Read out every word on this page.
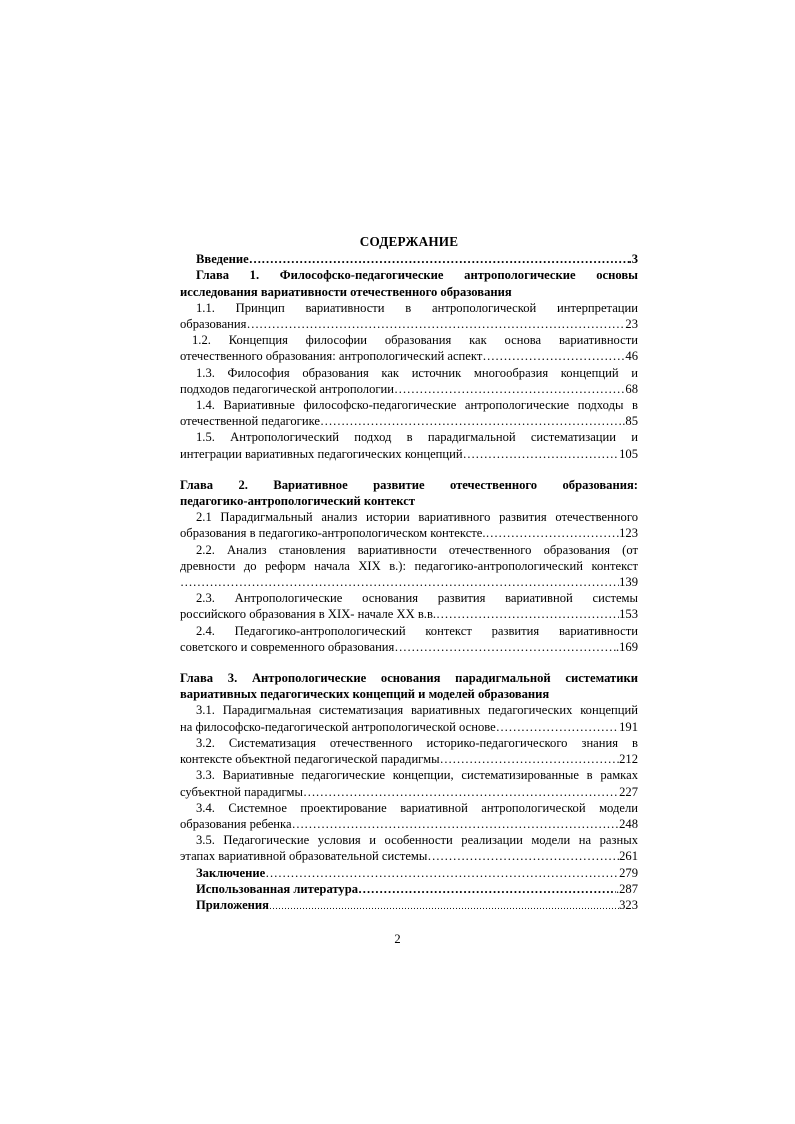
СОДЕРЖАНИЕ
Введение ………………………………………………………………………………………………………………………………………	.3
Глава 1. Философско-педагогические антропологические основы
исследования вариативности отечественного образования
1.1. Принцип вариативности в антропологической интерпретации
образования ………………………………………………………………………………………………………………………………………	23
1.2. Концепция философии образования как основа вариативности
отечественного образования: антропологический аспект ………………………………………………………………………………………………………………………………………	46
1.3. Философия образования как источник многообразия концепций и
подходов педагогической антропологии ………………………………………………………………………………………………………………………………………	68
1.4. Вариативные философско-педагогические антропологические подходы в
отечественной педагогике ………………………………………………………………………………………………………………………………………	.85
1.5. Антропологический подход в парадигмальной систематизации и
интеграции вариативных педагогических концепций ………………………………………………………………………………………………………………………………………	105
Глава 2. Вариативное развитие отечественного образования:
педагогико-антропологический контекст
2.1 Парадигмальный анализ истории вариативного развития отечественного
образования в педагогико-антропологическом контексте. ………………………………………………………………………………………………………………………………………	123
2.2. Анализ становления вариативности отечественного образования (от
древности до реформ начала XIX в.): педагогико-антропологический контекст
………………………………………………………………………………………………………………………………………
139
2.3. Антропологические основания развития вариативной системы
российского образования в XIX- начале XX в.в. ………………………………………………………………………………………………………………………………………	153
2.4. Педагогико-антропологический контекст развития вариативности
советского и современного образования ………………………………………………………………………………………………………………………………………	.169
Глава 3. Антропологические основания парадигмальной систематики
вариативных педагогических концепций и моделей образования
3.1. Парадигмальная систематизация вариативных педагогических концепций
на философско-педагогической антропологической основе ………………………………………………………………………………………………………………………………………	191
3.2. Систематизация отечественного историко-педагогического знания в
контексте объектной педагогической парадигмы ………………………………………………………………………………………………………………………………………	212
3.3. Вариативные педагогические концепции, систематизированные в рамках
субъектной парадигмы ………………………………………………………………………………………………………………………………………	227
3.4. Системное проектирование вариативной антропологической модели
образования ребенка ………………………………………………………………………………………………………………………………………	248
3.5. Педагогические условия и особенности реализации модели на разных
этапах вариативной образовательной системы ………………………………………………………………………………………………………………………………………	261
Заключение ………………………………………………………………………………………………………………………………………	279
Использованная литература ………………………………………………………………………………………………………………………………………	.287
Приложения ………………………………………………………………………………………………………………………………………	323
2
